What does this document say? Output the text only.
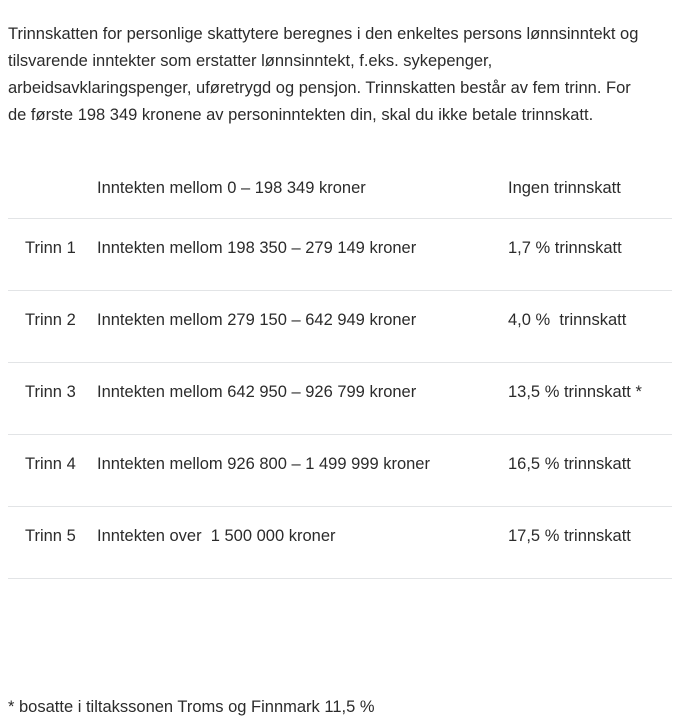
Trinnskatten for personlige skattytere beregnes i den enkeltes persons lønnsinntekt og tilsvarende inntekter som erstatter lønnsinntekt, f.eks. sykepenger, arbeidsavklaringspenger, uføretrygd og pensjon. Trinnskatten består av fem trinn. For de første 198 349 kronene av personinntekten din, skal du ikke betale trinnskatt.

	Inntekten mellom 0 – 198 349 kroner	Ingen trinnskatt

Trinn 1	Inntekten mellom 198 350 – 279 149 kroner	1,7 % trinnskatt

Trinn 2	Inntekten mellom 279 150 – 642 949 kroner	4,0 %  trinnskatt

Trinn 3	Inntekten mellom 642 950 – 926 799 kroner	13,5 % trinnskatt *

Trinn 4	Inntekten mellom 926 800 – 1 499 999 kroner	16,5 % trinnskatt

Trinn 5	Inntekten over  1 500 000 kroner	17,5 % trinnskatt

* bosatte i tiltakssonen Troms og Finnmark 11,5 %
